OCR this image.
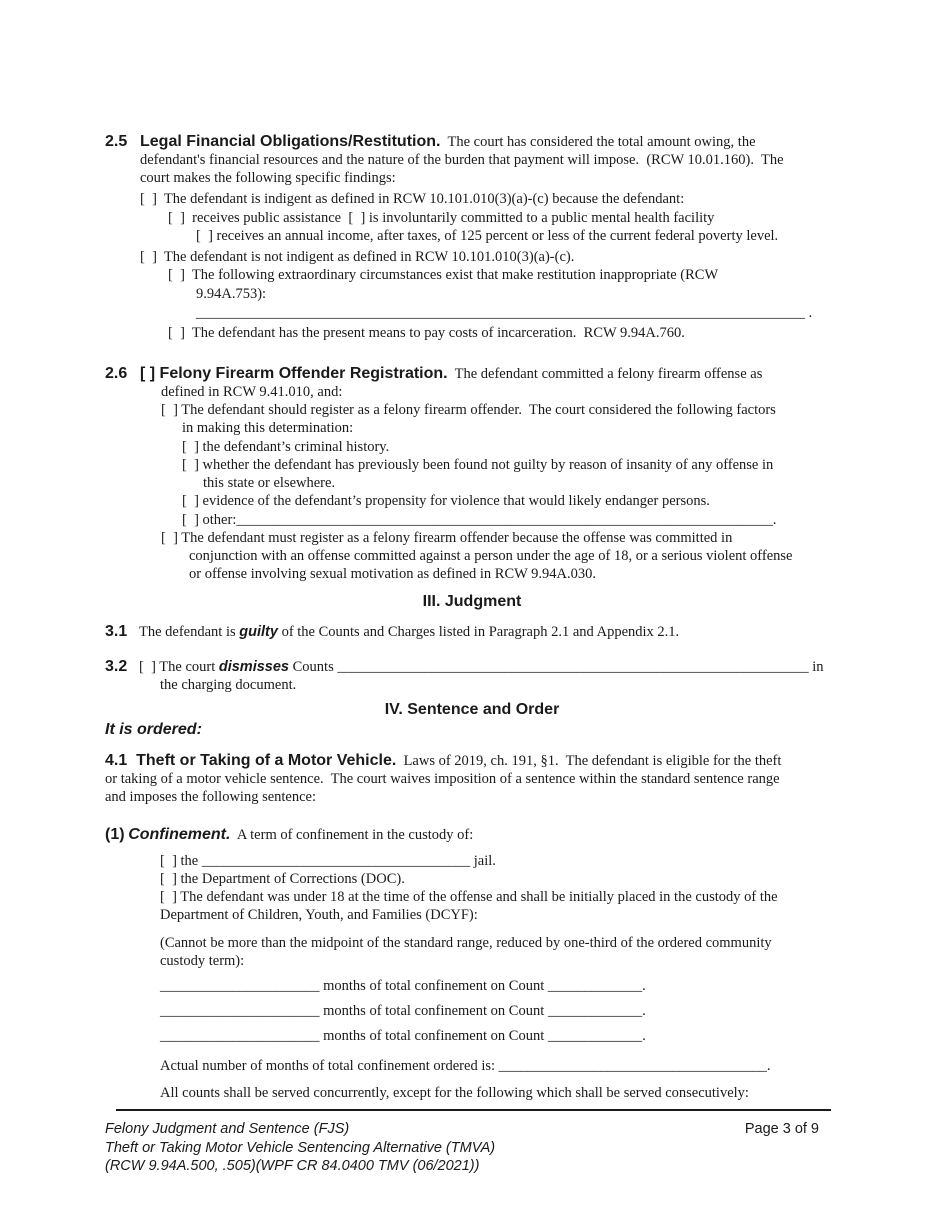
2.5 Legal Financial Obligations/Restitution. The court has considered the total amount owing, the
defendant's financial resources and the nature of the burden that payment will impose.  (RCW 10.01.160).  The
court makes the following specific findings:
[  ]  The defendant is indigent as defined in RCW 10.101.010(3)(a)-(c) because the defendant:
[  ]  receives public assistance  [  ] is involuntarily committed to a public mental health facility
[  ] receives an annual income, after taxes, of 125 percent or less of the current federal poverty level.
[  ]  The defendant is not indigent as defined in RCW 10.101.010(3)(a)-(c).
[  ]  The following extraordinary circumstances exist that make restitution inappropriate (RCW
9.94A.753):
____________________________________________________________________________________ .
[  ]  The defendant has the present means to pay costs of incarceration.  RCW 9.94A.760.
2.6 [ ] Felony Firearm Offender Registration. The defendant committed a felony firearm offense as
defined in RCW 9.41.010, and:
[  ] The defendant should register as a felony firearm offender.  The court considered the following factors
in making this determination:
[  ] the defendant’s criminal history.
[  ] whether the defendant has previously been found not guilty by reason of insanity of any offense in
this state or elsewhere.
[  ] evidence of the defendant’s propensity for violence that would likely endanger persons.
[  ] other:__________________________________________________________________________.
[  ] The defendant must register as a felony firearm offender because the offense was committed in
conjunction with an offense committed against a person under the age of 18, or a serious violent offense
or offense involving sexual motivation as defined in RCW 9.94A.030.
III. Judgment
3.1 The defendant is guilty of the Counts and Charges listed in Paragraph 2.1 and Appendix 2.1.
3.2 [  ] The court dismisses Counts _________________________________________________________________ in
the charging document.
IV. Sentence and Order
It is ordered:
4.1  Theft or Taking of a Motor Vehicle. Laws of 2019, ch. 191, §1.  The defendant is eligible for the theft
or taking of a motor vehicle sentence.  The court waives imposition of a sentence within the standard sentence range
and imposes the following sentence:
(1) Confinement. A term of confinement in the custody of:
[  ] the _____________________________________ jail.
[  ] the Department of Corrections (DOC).
[  ] The defendant was under 18 at the time of the offense and shall be initially placed in the custody of the
Department of Children, Youth, and Families (DCYF):
(Cannot be more than the midpoint of the standard range, reduced by one-third of the ordered community
custody term):
______________________ months of total confinement on Count _____________.
______________________ months of total confinement on Count _____________.
______________________ months of total confinement on Count _____________.
Actual number of months of total confinement ordered is: _____________________________________.
All counts shall be served concurrently, except for the following which shall be served consecutively:
Felony Judgment and Sentence (FJS)
Theft or Taking Motor Vehicle Sentencing Alternative (TMVA)
(RCW 9.94A.500, .505)(WPF CR 84.0400 TMV (06/2021))
Page 3 of 9
